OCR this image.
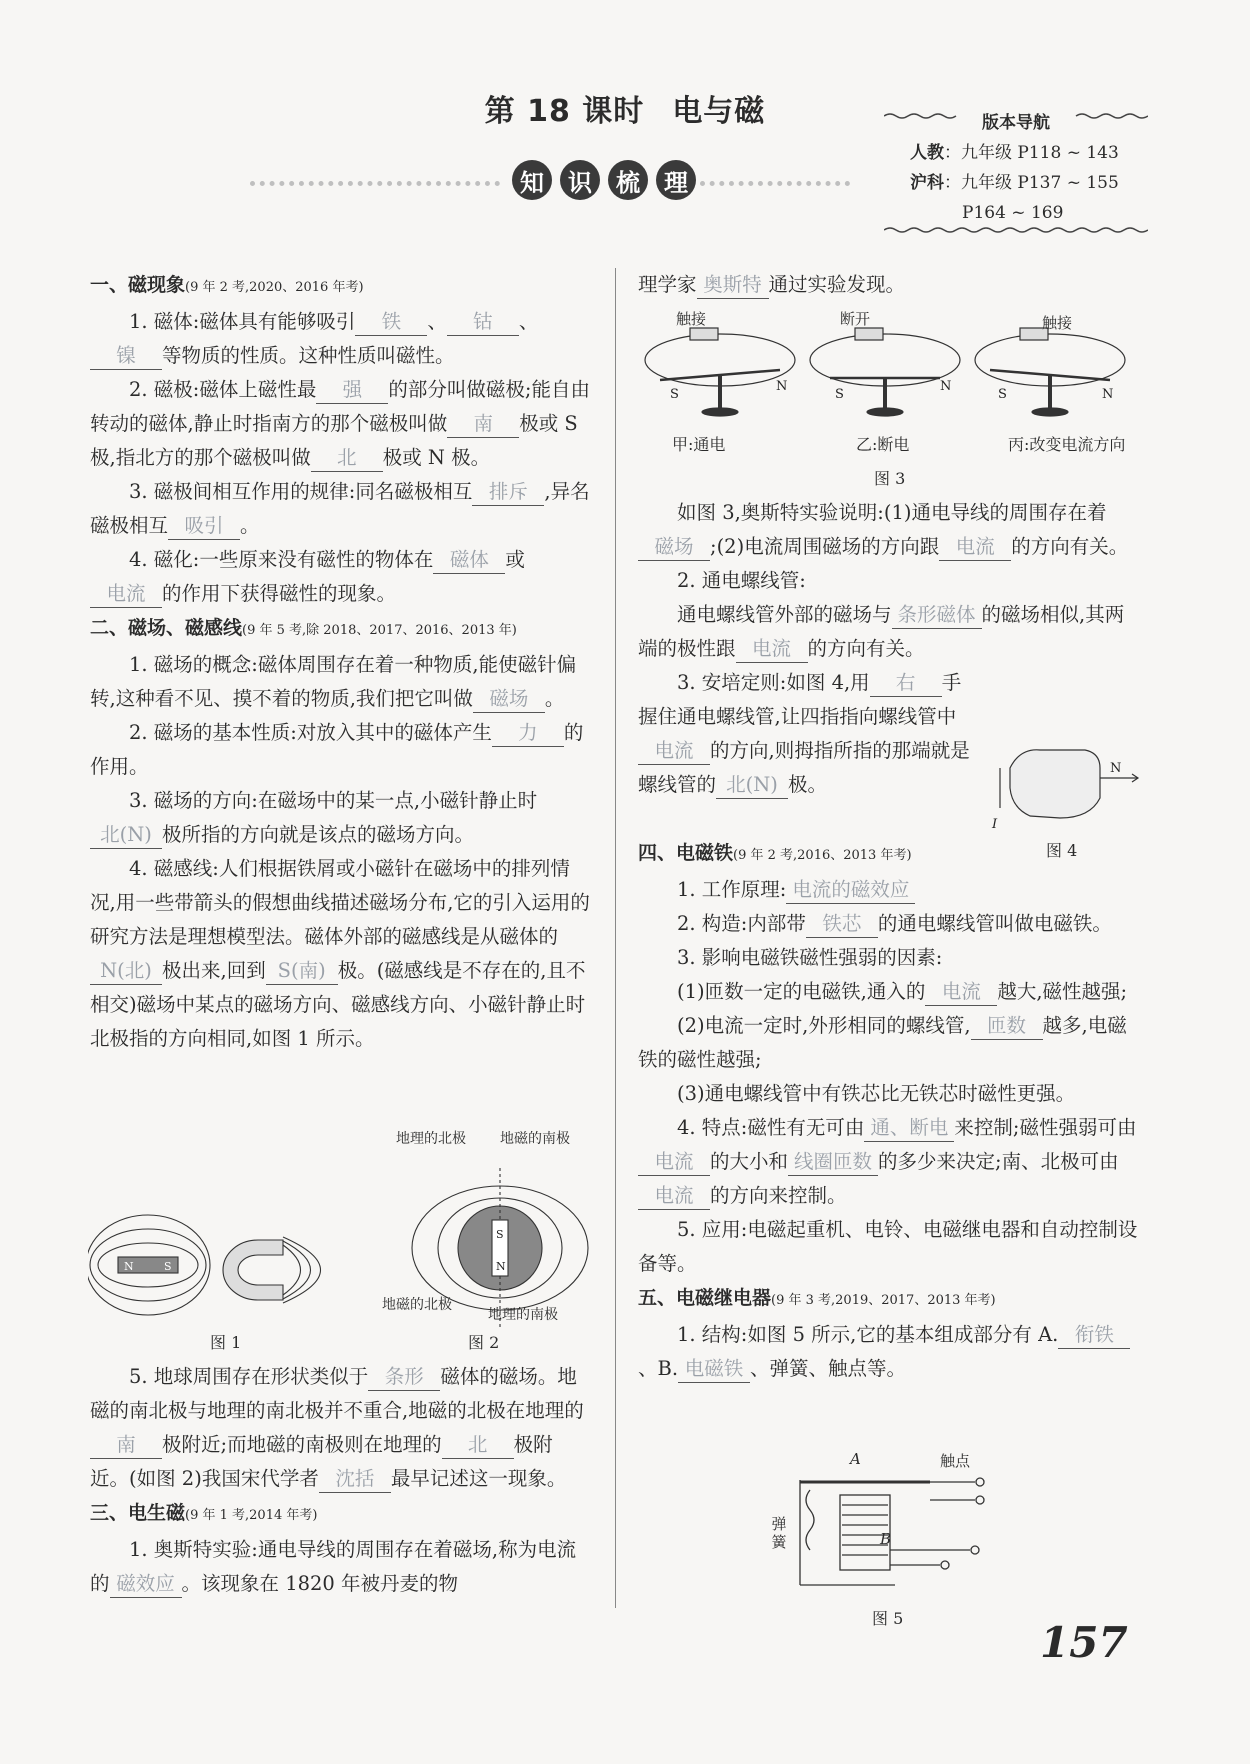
第 18 课时 电与磁
知	识	梳	理
版本导航
人教：九年级 P118 ~ 143
沪科：九年级 P137 ~ 155
P164 ~ 169

一、磁现象(9 年 2 考,2020、2016 年考)

1. 磁体:磁体具有能够吸引 铁 、 钴 、镍 等物质的性质。这种性质叫磁性。

2. 磁极:磁体上磁性最 强 的部分叫做磁极;能自由转动的磁体,静止时指南方的那个磁极叫做 南 极或 S 极,指北方的那个磁极叫做 北 极或 N 极。

3. 磁极间相互作用的规律:同名磁极相互 排斥 ,异名磁极相互 吸引 。

4. 磁化:一些原来没有磁性的物体在 磁体 或电流 的作用下获得磁性的现象。

二、磁场、磁感线(9 年 5 考,除 2018、2017、2016、2013 年)

1. 磁场的概念:磁体周围存在着一种物质,能使磁针偏转,这种看不见、摸不着的物质,我们把它叫做 磁场 。

2. 磁场的基本性质:对放入其中的磁体产生 力 的作用。

3. 磁场的方向:在磁场中的某一点,小磁针静止时北(N) 极所指的方向就是该点的磁场方向。

4. 磁感线:人们根据铁屑或小磁针在磁场中的排列情况,用一些带箭头的假想曲线描述磁场分布,它的引入运用的研究方法是理想模型法。磁体外部的磁感线是从磁体的N(北) 极出来,回到 S(南) 极。(磁感线是不存在的,且不相交)磁场中某点的磁场方向、磁感线方向、小磁针静止时北极指的方向相同,如图 1 所示。

N	S
S
N
地理的北极 地磁的南极
地磁的北极
地理的南极
图 1	图 2

5. 地球周围存在形状类似于 条形 磁体的磁场。地磁的南北极与地理的南北极并不重合,地磁的北极在地理的南 极附近;而地磁的南极则在地理的 北 极附近。(如图 2)我国宋代学者 沈括 最早记述这一现象。

三、电生磁(9 年 1 考,2014 年考)

1. 奥斯特实验:通电导线的周围存在着磁场,称为电流的 磁效应 。该现象在 1820 年被丹麦的物

理学家 奥斯特 通过实验发现。

S
N
S
N
S	N
触接	断开	触接
甲:通电	乙:断电	丙:改变电流方向
图 3

如图 3,奥斯特实验说明:(1)通电导线的周围存在着磁场 ;(2)电流周围磁场的方向跟 电流 的方向有关。

2. 通电螺线管:

通电螺线管外部的磁场与 条形磁体 的磁场相似,其两端的极性跟 电流 的方向有关。

3. 安培定则:如图 4,用 右 手握住通电螺线管,让四指指向螺线管中电流 的方向,则拇指所指的那端就是螺线管的 北(N) 极。

N
I
图 4

四、电磁铁(9 年 2 考,2016、2013 年考)

1. 工作原理: 电流的磁效应

2. 构造:内部带 铁芯 的通电螺线管叫做电磁铁。

3. 影响电磁铁磁性强弱的因素:

(1)匝数一定的电磁铁,通入的 电流 越大,磁性越强;

(2)电流一定时,外形相同的螺线管, 匝数 越多,电磁铁的磁性越强;

(3)通电螺线管中有铁芯比无铁芯时磁性更强。

4. 特点:磁性有无可由 通、断电 来控制;磁性强弱可由电流 的大小和 线圈匝数 的多少来决定;南、北极可由电流 的方向来控制。

5. 应用:电磁起重机、电铃、电磁继电器和自动控制设备等。

五、电磁继电器(9 年 3 考,2019、2017、2013 年考)

1. 结构:如图 5 所示,它的基本组成部分有 A. 衔铁、B. 电磁铁 、弹簧、触点等。

A
B
触点
弹簧
图 5	157
